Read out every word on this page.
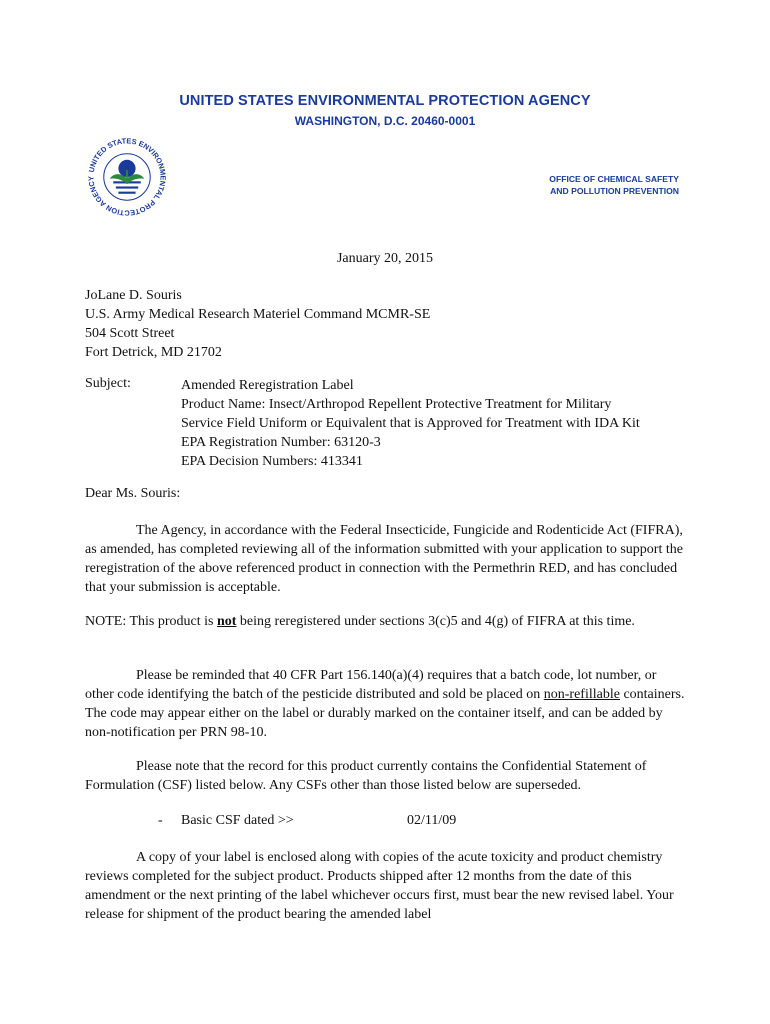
UNITED STATES ENVIRONMENTAL PROTECTION AGENCY
WASHINGTON, D.C. 20460-0001
UNITED STATES ENVIRONMENTAL PROTECTION AGENCY	OFFICE OF CHEMICAL SAFETY
AND POLLUTION PREVENTION
January 20, 2015
JoLane D. Souris
U.S. Army Medical Research Materiel Command MCMR-SE
504 Scott Street
Fort Detrick, MD 21702
Subject:	Amended Reregistration Label
Product Name: Insect/Arthropod Repellent Protective Treatment for Military
Service Field Uniform or Equivalent that is Approved for Treatment with IDA Kit
EPA Registration Number: 63120-3
EPA Decision Numbers: 413341
Dear Ms. Souris:

The Agency, in accordance with the Federal Insecticide, Fungicide and Rodenticide Act (FIFRA), as amended, has completed reviewing all of the information submitted with your application to support the reregistration of the above referenced product in connection with the Permethrin RED, and has concluded that your submission is acceptable.

NOTE: This product is not being reregistered under sections 3(c)5 and 4(g) of FIFRA at this time.

Please be reminded that 40 CFR Part 156.140(a)(4) requires that a batch code, lot number, or other code identifying the batch of the pesticide distributed and sold be placed on non-refillable containers. The code may appear either on the label or durably marked on the container itself, and can be added by non-notification per PRN 98-10.

Please note that the record for this product currently contains the Confidential Statement of Formulation (CSF) listed below. Any CSFs other than those listed below are superseded.

- Basic CSF dated >>	02/11/09

A copy of your label is enclosed along with copies of the acute toxicity and product chemistry reviews completed for the subject product. Products shipped after 12 months from the date of this amendment or the next printing of the label whichever occurs first, must bear the new revised label. Your release for shipment of the product bearing the amended label
